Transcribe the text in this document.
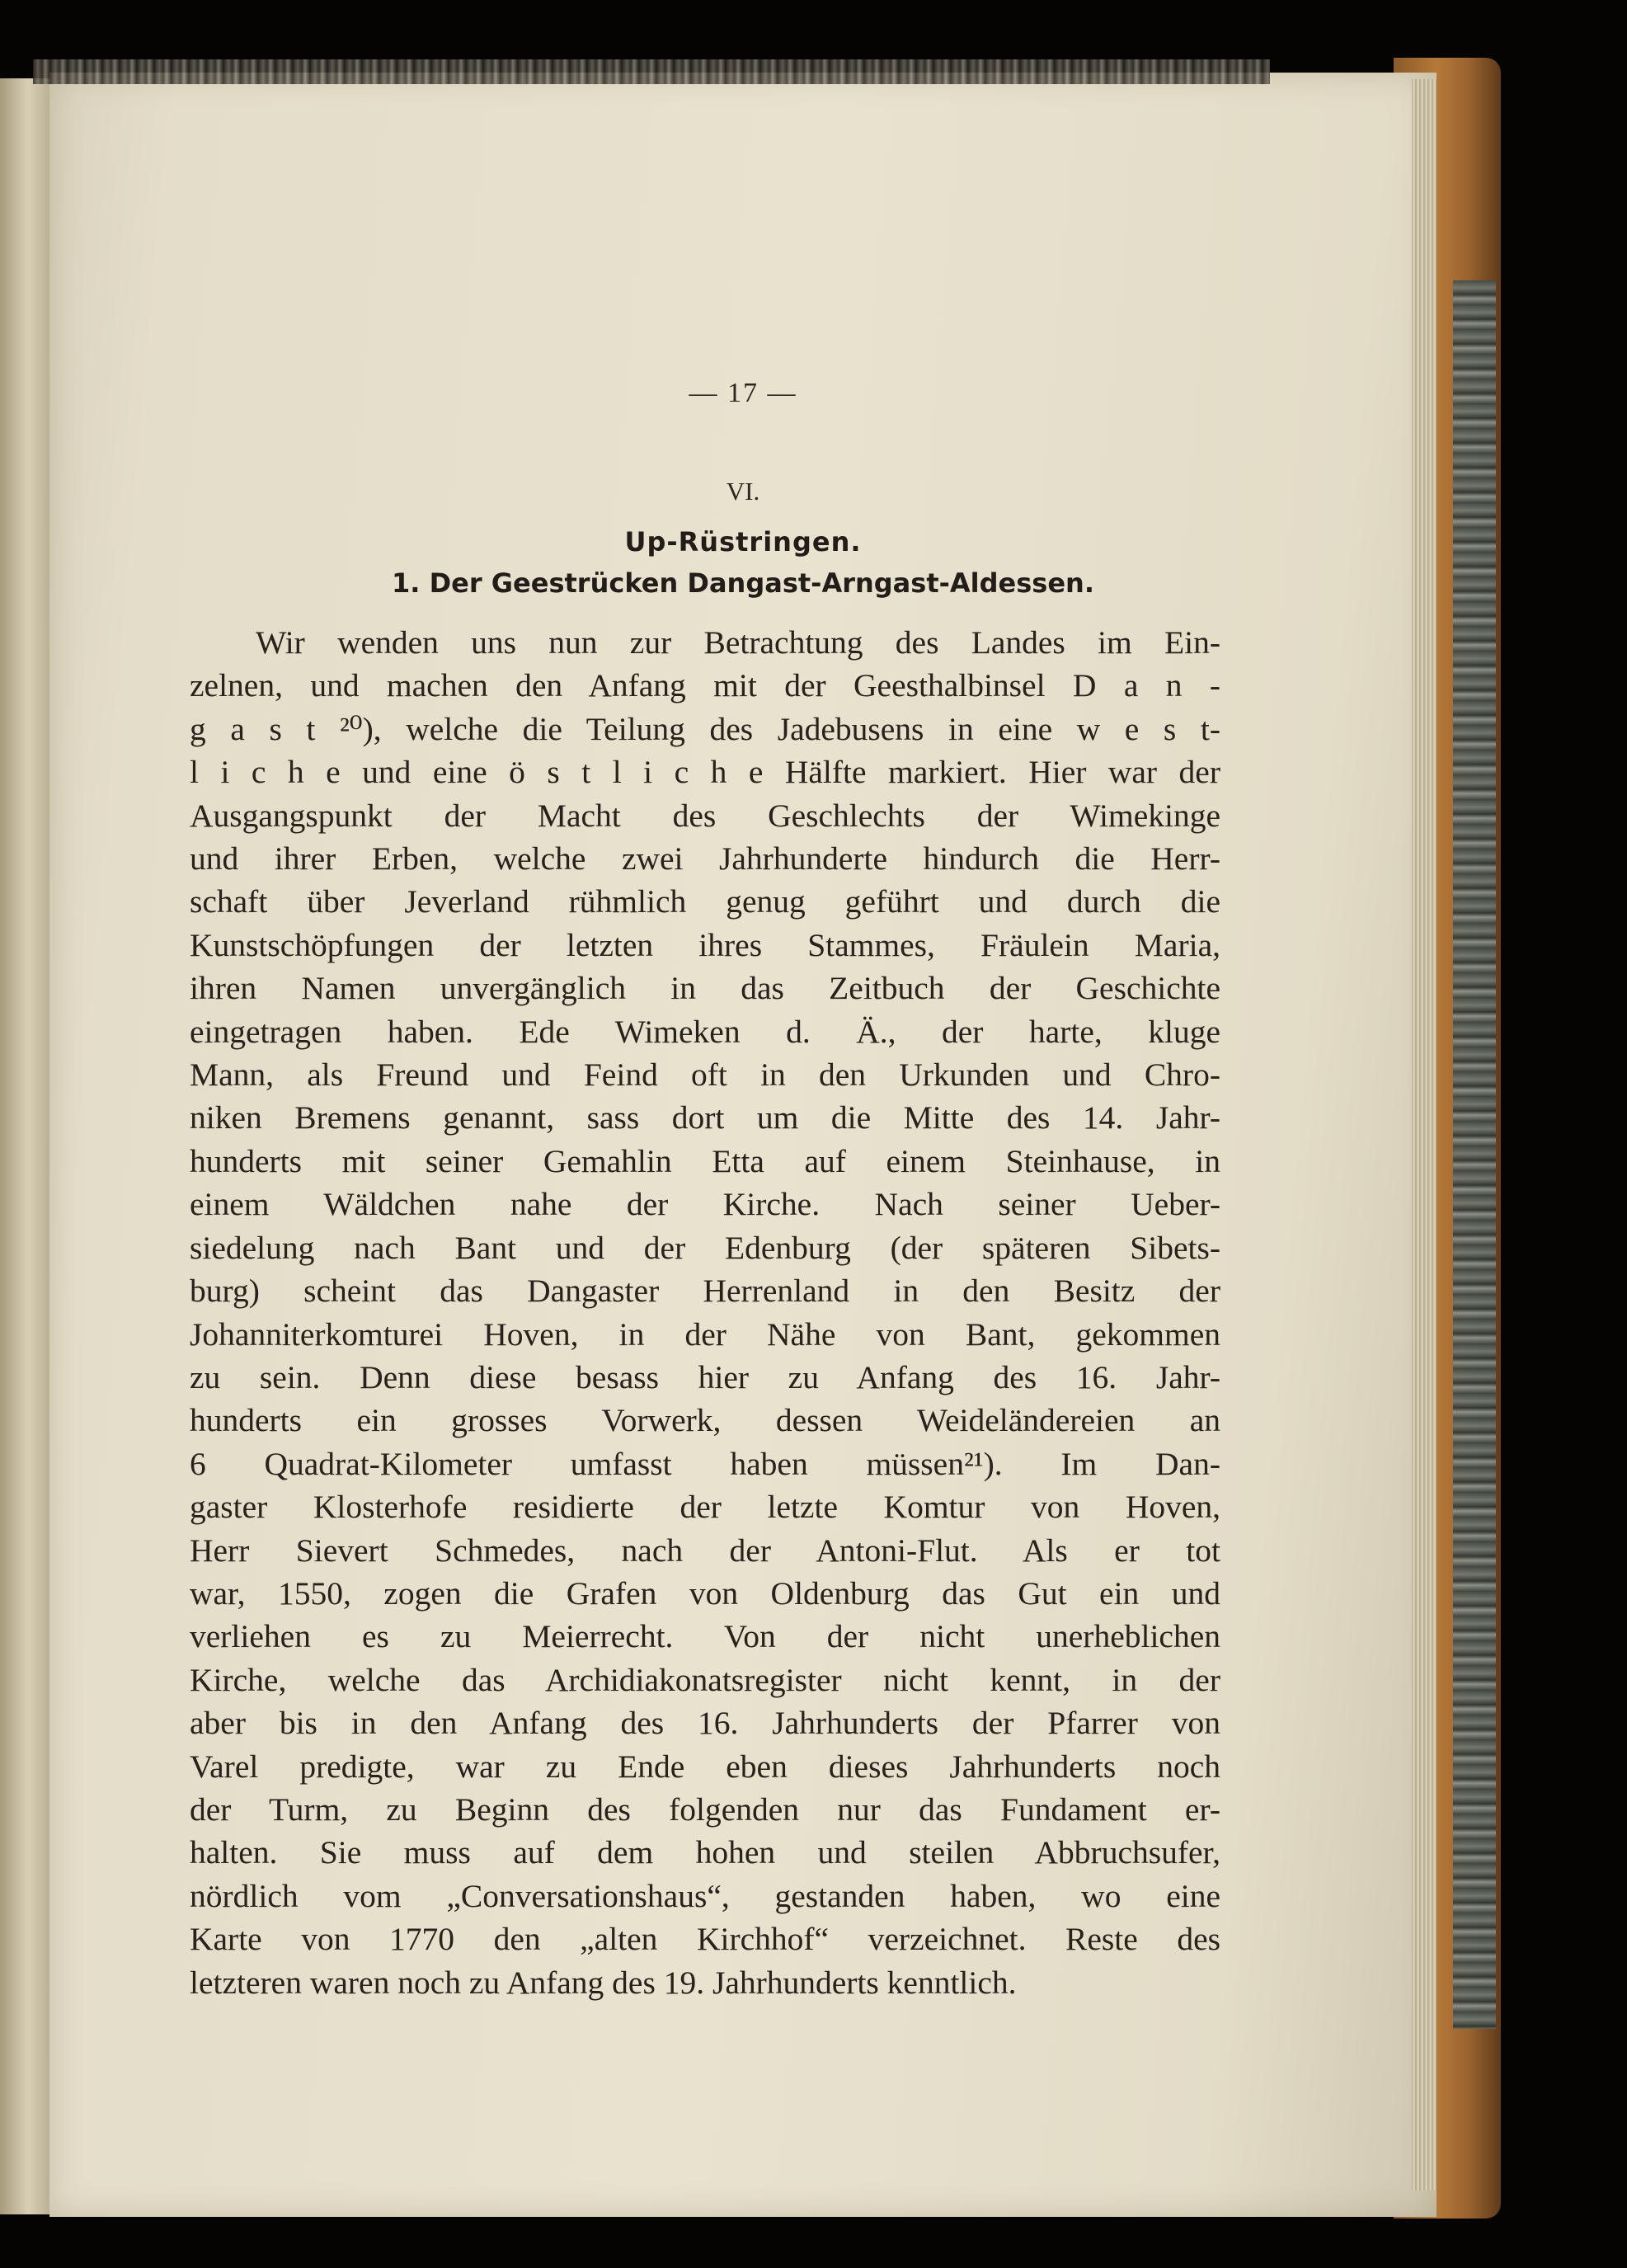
— 17 —
VI.
Up-Rüstringen.
1. Der Geestrücken Dangast-Arngast-Aldessen.
Wir wenden uns nun zur Betrachtung des Landes im Ein-
zelnen, und machen den Anfang mit der Geesthalbinsel D a n -
g a s t ²⁰), welche die Teilung des Jadebusens in eine w e s t-
l i c h e und eine ö s t l i c h e Hälfte markiert. Hier war der
Ausgangspunkt der Macht des Geschlechts der Wimekinge
und ihrer Erben, welche zwei Jahrhunderte hindurch die Herr-
schaft über Jeverland rühmlich genug geführt und durch die
Kunstschöpfungen der letzten ihres Stammes, Fräulein Maria,
ihren Namen unvergänglich in das Zeitbuch der Geschichte
eingetragen haben. Ede Wimeken d. Ä., der harte, kluge
Mann, als Freund und Feind oft in den Urkunden und Chro-
niken Bremens genannt, sass dort um die Mitte des 14. Jahr-
hunderts mit seiner Gemahlin Etta auf einem Steinhause, in
einem Wäldchen nahe der Kirche. Nach seiner Ueber-
siedelung nach Bant und der Edenburg (der späteren Sibets-
burg) scheint das Dangaster Herrenland in den Besitz der
Johanniterkomturei Hoven, in der Nähe von Bant, gekommen
zu sein. Denn diese besass hier zu Anfang des 16. Jahr-
hunderts ein grosses Vorwerk, dessen Weideländereien an
6 Quadrat-Kilometer umfasst haben müssen²¹). Im Dan-
gaster Klosterhofe residierte der letzte Komtur von Hoven,
Herr Sievert Schmedes, nach der Antoni-Flut. Als er tot
war, 1550, zogen die Grafen von Oldenburg das Gut ein und
verliehen es zu Meierrecht. Von der nicht unerheblichen
Kirche, welche das Archidiakonatsregister nicht kennt, in der
aber bis in den Anfang des 16. Jahrhunderts der Pfarrer von
Varel predigte, war zu Ende eben dieses Jahrhunderts noch
der Turm, zu Beginn des folgenden nur das Fundament er-
halten. Sie muss auf dem hohen und steilen Abbruchsufer,
nördlich vom „Conversationshaus“, gestanden haben, wo eine
Karte von 1770 den „alten Kirchhof“ verzeichnet. Reste des
letzteren waren noch zu Anfang des 19. Jahrhunderts kenntlich.
